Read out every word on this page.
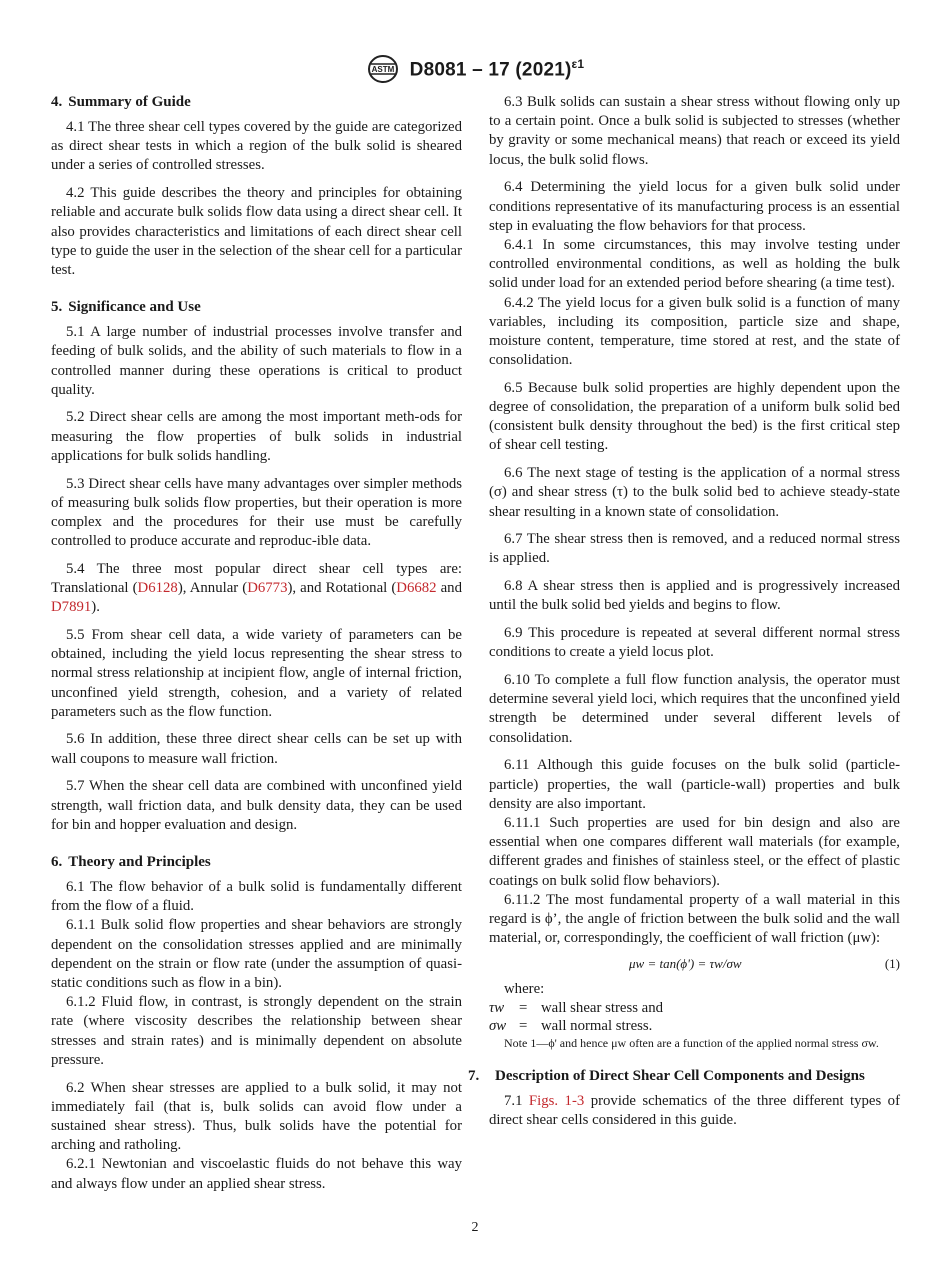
ASTM D8081 – 17 $(2021)^{\varepsilon 1}$
4. Summary of Guide

4.1 The three shear cell types covered by the guide are categorized as direct shear tests in which a region of the bulk solid is sheared under a series of controlled stresses.

4.2 This guide describes the theory and principles for obtaining reliable and accurate bulk solids flow data using a direct shear cell. It also provides characteristics and limitations of each direct shear cell type to guide the user in the selection of the shear cell for a particular test.

5. Significance and Use

5.1 A large number of industrial processes involve transfer and feeding of bulk solids, and the ability of such materials to flow in a controlled manner during these operations is critical to product quality.

5.2 Direct shear cells are among the most important meth-ods for measuring the flow properties of bulk solids in industrial applications for bulk solids handling.

5.3 Direct shear cells have many advantages over simpler methods of measuring bulk solids flow properties, but their operation is more complex and the procedures for their use must be carefully controlled to produce accurate and reproduc-ible data.

5.4 The three most popular direct shear cell types are: Translational (D6128), Annular (D6773), and Rotational (D6682 and D7891).

5.5 From shear cell data, a wide variety of parameters can be obtained, including the yield locus representing the shear stress to normal stress relationship at incipient flow, angle of internal friction, unconfined yield strength, cohesion, and a variety of related parameters such as the flow function.

5.6 In addition, these three direct shear cells can be set up with wall coupons to measure wall friction.

5.7 When the shear cell data are combined with unconfined yield strength, wall friction data, and bulk density data, they can be used for bin and hopper evaluation and design.

6. Theory and Principles

6.1 The flow behavior of a bulk solid is fundamentally different from the flow of a fluid.

6.1.1 Bulk solid flow properties and shear behaviors are strongly dependent on the consolidation stresses applied and are minimally dependent on the strain or flow rate (under the assumption of quasi-static conditions such as flow in a bin).

6.1.2 Fluid flow, in contrast, is strongly dependent on the strain rate (where viscosity describes the relationship between shear stresses and strain rates) and is minimally dependent on absolute pressure.

6.2 When shear stresses are applied to a bulk solid, it may not immediately fail (that is, bulk solids can avoid flow under a sustained shear stress). Thus, bulk solids have the potential for arching and ratholing.

6.2.1 Newtonian and viscoelastic fluids do not behave this way and always flow under an applied shear stress.

6.3 Bulk solids can sustain a shear stress without flowing only up to a certain point. Once a bulk solid is subjected to stresses (whether by gravity or some mechanical means) that reach or exceed its yield locus, the bulk solid flows.

6.4 Determining the yield locus for a given bulk solid under conditions representative of its manufacturing process is an essential step in evaluating the flow behaviors for that process.

6.4.1 In some circumstances, this may involve testing under controlled environmental conditions, as well as holding the bulk solid under load for an extended period before shearing (a time test).

6.4.2 The yield locus for a given bulk solid is a function of many variables, including its composition, particle size and shape, moisture content, temperature, time stored at rest, and the state of consolidation.

6.5 Because bulk solid properties are highly dependent upon the degree of consolidation, the preparation of a uniform bulk solid bed (consistent bulk density throughout the bed) is the first critical step of shear cell testing.

6.6 The next stage of testing is the application of a normal stress (σ) and shear stress (τ) to the bulk solid bed to achieve steady-state shear resulting in a known state of consolidation.

6.7 The shear stress then is removed, and a reduced normal stress is applied.

6.8 A shear stress then is applied and is progressively increased until the bulk solid bed yields and begins to flow.

6.9 This procedure is repeated at several different normal stress conditions to create a yield locus plot.

6.10 To complete a full flow function analysis, the operator must determine several yield loci, which requires that the unconfined yield strength be determined under several different levels of consolidation.

6.11 Although this guide focuses on the bulk solid (particle-particle) properties, the wall (particle-wall) properties and bulk density are also important.

6.11.1 Such properties are used for bin design and also are essential when one compares different wall materials (for example, different grades and finishes of stainless steel, or the effect of plastic coatings on bulk solid flow behaviors).

6.11.2 The most fundamental property of a wall material in this regard is ϕ’, the angle of friction between the bulk solid and the wall material, or, correspondingly, the coefficient of wall friction (μw):

μw = tan(ϕ') = τw/σw	(1)

where:

τw	= wall shear stress and
σw = wall normal stress.

Note 1—ϕ' and hence μw often are a function of the applied normal stress σw.

7. Description of Direct Shear Cell Components and Designs

7.1 Figs. 1-3 provide schematics of the three different types of direct shear cells considered in this guide.

2
